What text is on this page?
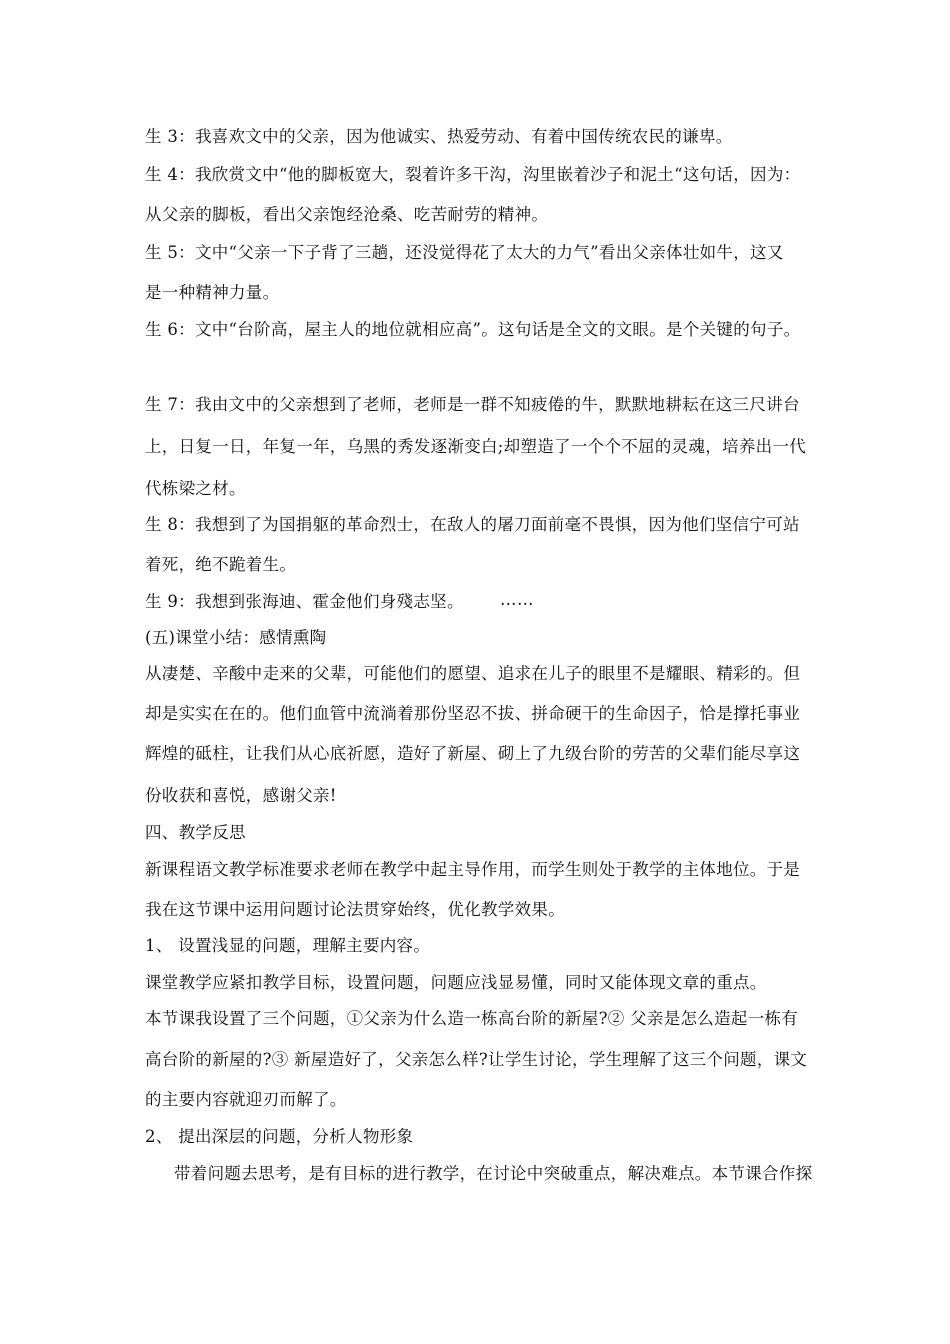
生 3：我喜欢文中的父亲，因为他诚实、热爱劳动、有着中国传统农民的谦卑。
生 4：我欣赏文中“他的脚板宽大，裂着许多干沟，沟里嵌着沙子和泥土“这句话，因为：
从父亲的脚板，看出父亲饱经沧桑、吃苦耐劳的精神。
生 5：文中“父亲一下子背了三趟，还没觉得花了太大的力气”看出父亲体壮如牛，这又
是一种精神力量。
生 6：文中“台阶高，屋主人的地位就相应高”。这句话是全文的文眼。是个关键的句子。
生 7：我由文中的父亲想到了老师，老师是一群不知疲倦的牛，默默地耕耘在这三尺讲台
上，日复一日，年复一年，乌黑的秀发逐渐变白;却塑造了一个个不屈的灵魂，培养出一代
代栋梁之材。
生 8：我想到了为国捐躯的革命烈士，在敌人的屠刀面前毫不畏惧，因为他们坚信宁可站
着死，绝不跪着生。
生 9：我想到张海迪、霍金他们身殘志坚。 ……
(五)课堂小结：感情熏陶
从凄楚、辛酸中走来的父辈，可能他们的愿望、追求在儿子的眼里不是耀眼、精彩的。但
却是实实在在的。他们血管中流淌着那份坚忍不拔、拼命硬干的生命因子，恰是撑托事业
辉煌的砥柱，让我们从心底祈愿，造好了新屋、砌上了九级台阶的劳苦的父辈们能尽享这
份收获和喜悦，感谢父亲!
四、教学反思
新课程语文教学标准要求老师在教学中起主导作用，而学生则处于教学的主体地位。于是
我在这节课中运用问题讨论法贯穿始终，优化教学效果。
1、 设置浅显的问题，理解主要内容。
课堂教学应紧扣教学目标，设置问题，问题应浅显易懂，同时又能体现文章的重点。
本节课我设置了三个问题，①父亲为什么造一栋高台阶的新屋?② 父亲是怎么造起一栋有
高台阶的新屋的?③ 新屋造好了，父亲怎么样?让学生讨论，学生理解了这三个问题，课文
的主要内容就迎刃而解了。
2、 提出深层的问题，分析人物形象
带着问题去思考，是有目标的进行教学，在讨论中突破重点，解决难点。本节课合作探
